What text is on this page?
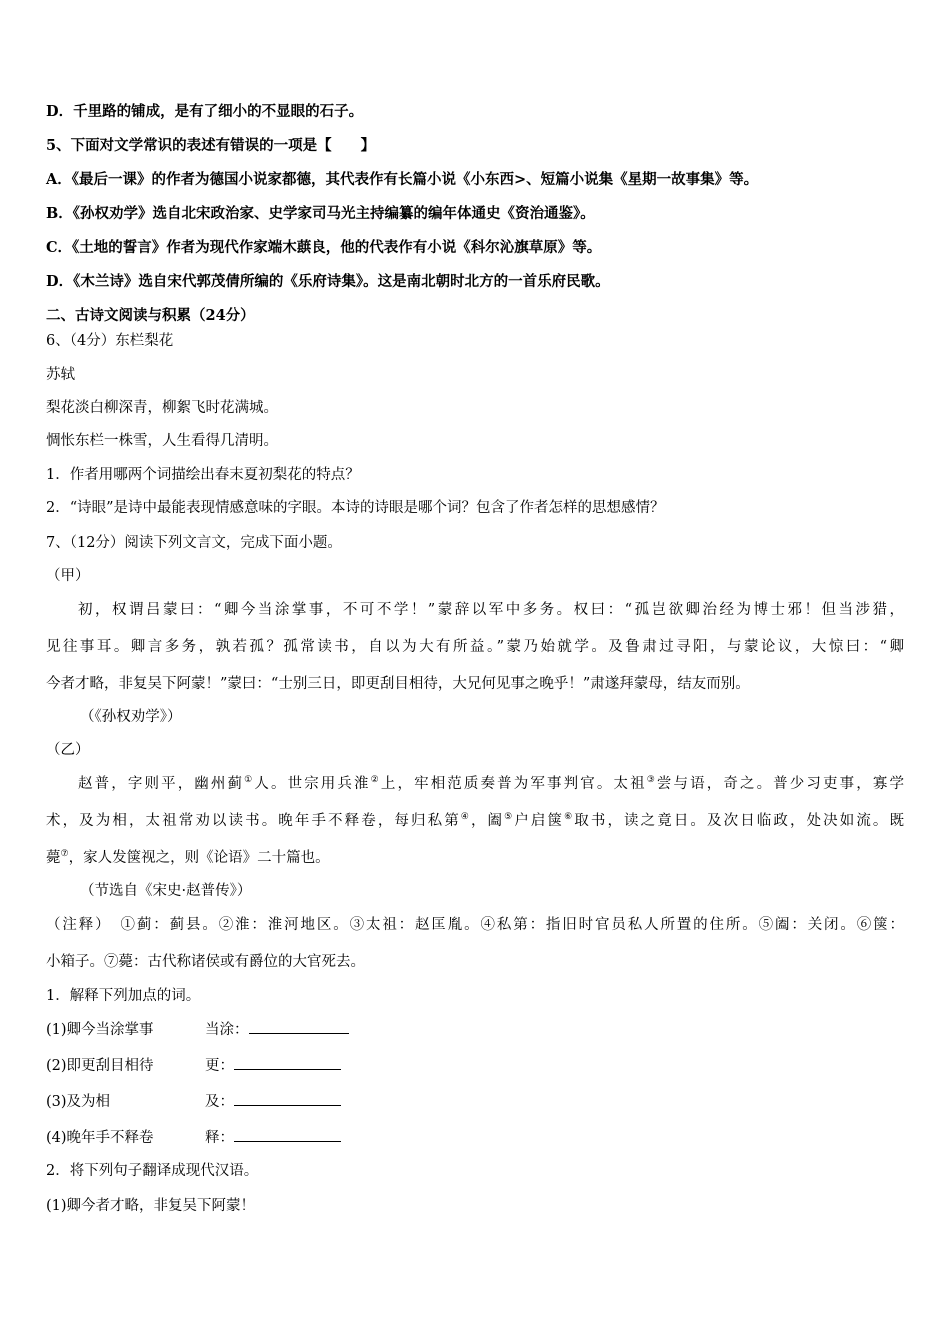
D．千里路的铺成，是有了细小的不显眼的石子。
5、下面对文学常识的表述有错误的一项是【　　】
A．《最后一课》的作者为德国小说家都德，其代表作有长篇小说《小东西>、短篇小说集《星期一故事集》等。
B．《孙权劝学》选自北宋政治家、史学家司马光主持编纂的编年体通史《资治通鉴》。
C．《土地的誓言》作者为现代作家端木蕻良，他的代表作有小说《科尔沁旗草原》等。
D．《木兰诗》选自宋代郭茂倩所编的《乐府诗集》。这是南北朝时北方的一首乐府民歌。
二、古诗文阅读与积累（24分）
6、（4分）东栏梨花
苏轼
梨花淡白柳深青，柳絮飞时花满城。
惆怅东栏一株雪，人生看得几清明。
1．作者用哪两个词描绘出春末夏初梨花的特点？
2．“诗眼”是诗中最能表现情感意味的字眼。本诗的诗眼是哪个词？包含了作者怎样的思想感情？
7、（12分）阅读下列文言文，完成下面小题。
（甲）
初，权谓吕蒙曰：“卿今当涂掌事，不可不学！”蒙辞以军中多务。权曰：“孤岂欲卿治经为博士邪！但当涉猎，
见往事耳。卿言多务，孰若孤？孤常读书，自以为大有所益。”蒙乃始就学。及鲁肃过寻阳，与蒙论议，大惊曰：“卿
今者才略，非复吴下阿蒙！”蒙曰：“士别三日，即更刮目相待，大兄何见事之晚乎！”肃遂拜蒙母，结友而别。
（《孙权劝学》）
（乙）
赵普，字则平，幽州蓟①人。世宗用兵淮②上，牢相范质奏普为军事判官。太祖③尝与语，奇之。普少习吏事，寡学
术，及为相，太祖常劝以读书。晚年手不释卷，每归私第④，阖⑤户启箧⑥取书，读之竟日。及次日临政，处决如流。既
薨⑦，家人发箧视之，则《论语》二十篇也。
（节选自《宋史·赵普传》）
（注释）　①蓟：蓟县。②淮：淮河地区。③太祖：赵匡胤。④私第：指旧时官员私人所置的住所。⑤阖：关闭。⑥箧：
小箱子。⑦薨：古代称诸侯或有爵位的大官死去。
1．解释下列加点的词。
(1)卿今当涂掌事	当涂：
(2)即更刮目相待	更：
(3)及为相	及：
(4)晚年手不释卷	释：
2．将下列句子翻译成现代汉语。
(1)卿今者才略，非复吴下阿蒙！
